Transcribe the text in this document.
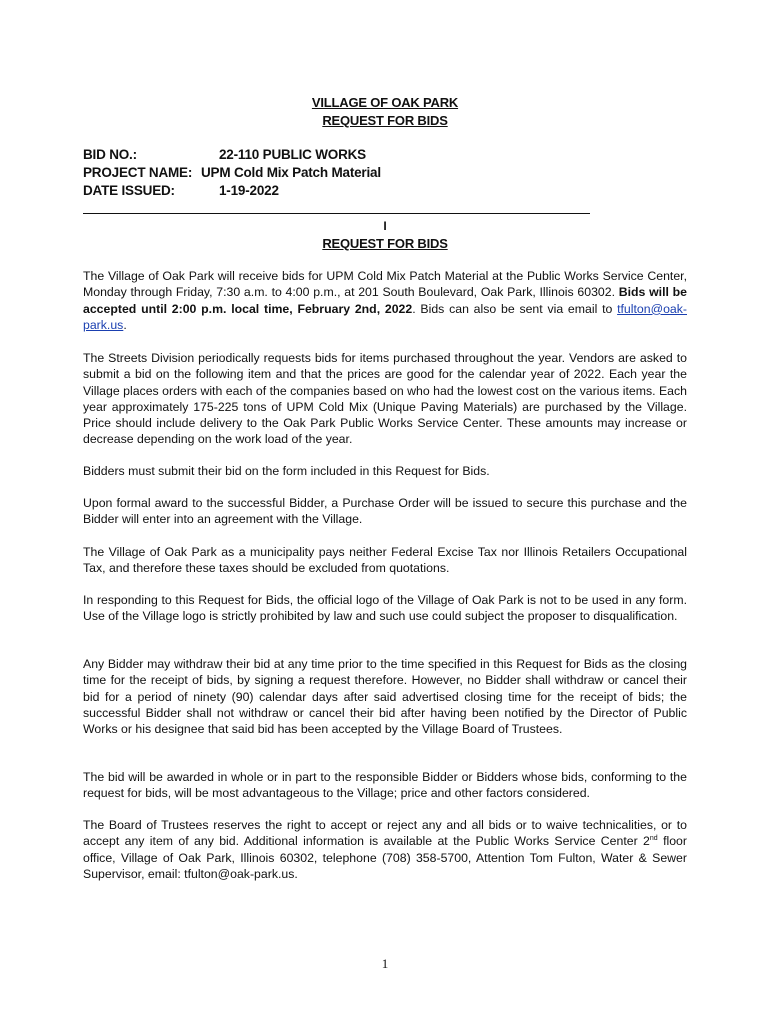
VILLAGE OF OAK PARK
REQUEST FOR BIDS
BID NO.:	22-110 PUBLIC WORKS
PROJECT NAME: UPM Cold Mix Patch Material
DATE ISSUED:	1-19-2022
I
REQUEST FOR BIDS

The Village of Oak Park will receive bids for UPM Cold Mix Patch Material at the Public Works Service Center, Monday through Friday, 7:30 a.m. to 4:00 p.m., at 201 South Boulevard, Oak Park, Illinois 60302. Bids will be accepted until 2:00 p.m. local time, February 2nd, 2022. Bids can also be sent via email to tfulton@oak-park.us.

The Streets Division periodically requests bids for items purchased throughout the year. Vendors are asked to submit a bid on the following item and that the prices are good for the calendar year of 2022. Each year the Village places orders with each of the companies based on who had the lowest cost on the various items. Each year approximately 175-225 tons of UPM Cold Mix (Unique Paving Materials) are purchased by the Village. Price should include delivery to the Oak Park Public Works Service Center. These amounts may increase or decrease depending on the work load of the year.

Bidders must submit their bid on the form included in this Request for Bids.

Upon formal award to the successful Bidder, a Purchase Order will be issued to secure this purchase and the Bidder will enter into an agreement with the Village.

The Village of Oak Park as a municipality pays neither Federal Excise Tax nor Illinois Retailers Occupational Tax, and therefore these taxes should be excluded from quotations.

In responding to this Request for Bids, the official logo of the Village of Oak Park is not to be used in any form. Use of the Village logo is strictly prohibited by law and such use could subject the proposer to disqualification.

Any Bidder may withdraw their bid at any time prior to the time specified in this Request for Bids as the closing time for the receipt of bids, by signing a request therefore. However, no Bidder shall withdraw or cancel their bid for a period of ninety (90) calendar days after said advertised closing time for the receipt of bids; the successful Bidder shall not withdraw or cancel their bid after having been notified by the Director of Public Works or his designee that said bid has been accepted by the Village Board of Trustees.

The bid will be awarded in whole or in part to the responsible Bidder or Bidders whose bids, conforming to the request for bids, will be most advantageous to the Village; price and other factors considered.

The Board of Trustees reserves the right to accept or reject any and all bids or to waive technicalities, or to accept any item of any bid. Additional information is available at the Public Works Service Center 2nd floor office, Village of Oak Park, Illinois 60302, telephone (708) 358-5700, Attention Tom Fulton, Water & Sewer Supervisor, email: tfulton@oak-park.us.

1
